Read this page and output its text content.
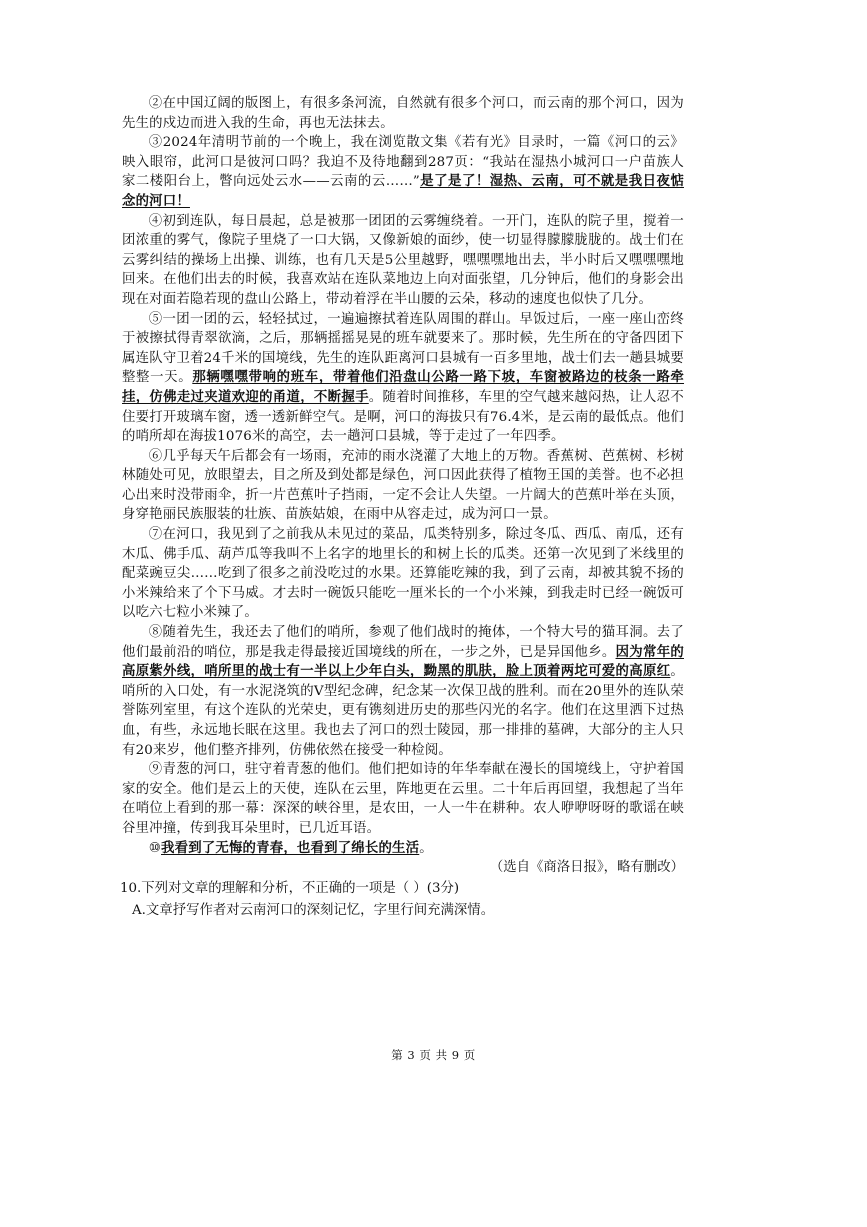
②在中国辽阔的版图上，有很多条河流，自然就有很多个河口，而云南的那个河口，因为先生的戍边而进入我的生命，再也无法抹去。

③2024年清明节前的一个晚上，我在浏览散文集《若有光》目录时，一篇《河口的云》映入眼帘，此河口是彼河口吗？我迫不及待地翻到287页：“我站在湿热小城河口一户苗族人家二楼阳台上，瞥向远处云水——云南的云……”是了是了！湿热、云南，可不就是我日夜惦念的河口！

④初到连队，每日晨起，总是被那一团团的云雾缠绕着。一开门，连队的院子里，搅着一团浓重的雾气，像院子里烧了一口大锅，又像新娘的面纱，使一切显得朦朦胧胧的。战士们在云雾纠结的操场上出操、训练，也有几天是5公里越野，嘿嘿嘿地出去，半小时后又嘿嘿嘿地回来。在他们出去的时候，我喜欢站在连队菜地边上向对面张望，几分钟后，他们的身影会出现在对面若隐若现的盘山公路上，带动着浮在半山腰的云朵，移动的速度也似快了几分。

⑤一团一团的云，轻轻拭过，一遍遍擦拭着连队周围的群山。早饭过后，一座一座山峦终于被擦拭得青翠欲滴，之后，那辆摇摇晃晃的班车就要来了。那时候，先生所在的守备四团下属连队守卫着24千米的国境线，先生的连队距离河口县城有一百多里地，战士们去一趟县城要整整一天。那辆嘿嘿带响的班车，带着他们沿盘山公路一路下坡，车窗被路边的枝条一路牵挂，仿佛走过夹道欢迎的甬道，不断握手。随着时间推移，车里的空气越来越闷热，让人忍不住要打开玻璃车窗，透一透新鲜空气。是啊，河口的海拔只有76.4米，是云南的最低点。他们的哨所却在海拔1076米的高空，去一趟河口县城，等于走过了一年四季。

⑥几乎每天午后都会有一场雨，充沛的雨水浇灌了大地上的万物。香蕉树、芭蕉树、杉树林随处可见，放眼望去，目之所及到处都是绿色，河口因此获得了植物王国的美誉。也不必担心出来时没带雨伞，折一片芭蕉叶子挡雨，一定不会让人失望。一片阔大的芭蕉叶举在头顶，身穿艳丽民族服装的壮族、苗族姑娘，在雨中从容走过，成为河口一景。

⑦在河口，我见到了之前我从未见过的菜品，瓜类特别多，除过冬瓜、西瓜、南瓜，还有木瓜、佛手瓜、葫芦瓜等我叫不上名字的地里长的和树上长的瓜类。还第一次见到了米线里的配菜豌豆尖……吃到了很多之前没吃过的水果。还算能吃辣的我，到了云南，却被其貌不扬的小米辣给来了个下马威。才去时一碗饭只能吃一厘米长的一个小米辣，到我走时已经一碗饭可以吃六七粒小米辣了。

⑧随着先生，我还去了他们的哨所，参观了他们战时的掩体，一个特大号的猫耳洞。去了他们最前沿的哨位，那是我走得最接近国境线的所在，一步之外，已是异国他乡。因为常年的高原紫外线，哨所里的战士有一半以上少年白头，黝黑的肌肤，脸上顶着两坨可爱的高原红。哨所的入口处，有一水泥浇筑的V型纪念碑，纪念某一次保卫战的胜利。而在20里外的连队荣誉陈列室里，有这个连队的光荣史，更有镌刻进历史的那些闪光的名字。他们在这里洒下过热血，有些，永远地长眠在这里。我也去了河口的烈士陵园，那一排排的墓碑，大部分的主人只有20来岁，他们整齐排列，仿佛依然在接受一种检阅。

⑨青葱的河口，驻守着青葱的他们。他们把如诗的年华奉献在漫长的国境线上，守护着国家的安全。他们是云上的天使，连队在云里，阵地更在云里。二十年后再回望，我想起了当年在哨位上看到的那一幕：深深的峡谷里，是农田，一人一牛在耕种。农人咿咿呀呀的歌谣在峡谷里冲撞，传到我耳朵里时，已几近耳语。

⑩我看到了无悔的青春，也看到了绵长的生活。

（选自《商洛日报》，略有删改）

10.下列对文章的理解和分析，不正确的一项是（ ）(3分)

A.文章抒写作者对云南河口的深刻记忆，字里行间充满深情。

第 3 页 共 9 页
